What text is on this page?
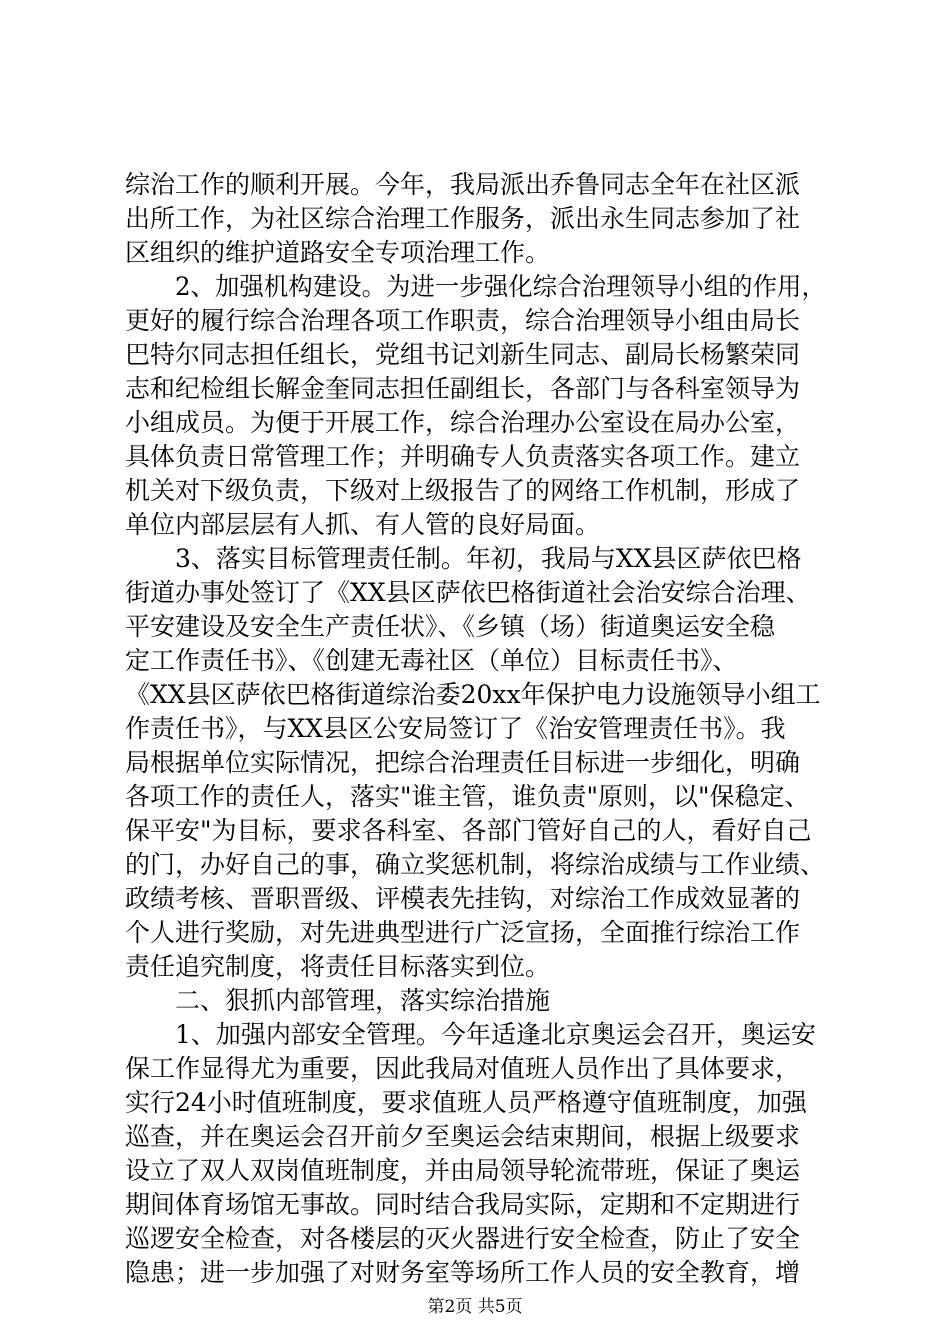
综治工作的顺利开展。今年，我局派出乔鲁同志全年在社区派
出所工作，为社区综合治理工作服务，派出永生同志参加了社
区组织的维护道路安全专项治理工作。
2、加强机构建设。为进一步强化综合治理领导小组的作用，
更好的履行综合治理各项工作职责，综合治理领导小组由局长
巴特尔同志担任组长，党组书记刘新生同志、副局长杨繁荣同
志和纪检组长解金奎同志担任副组长，各部门与各科室领导为
小组成员。为便于开展工作，综合治理办公室设在局办公室，
具体负责日常管理工作；并明确专人负责落实各项工作。建立
机关对下级负责，下级对上级报告了的网络工作机制，形成了
单位内部层层有人抓、有人管的良好局面。
3、落实目标管理责任制。年初，我局与XX县区萨依巴格
街道办事处签订了《XX县区萨依巴格街道社会治安综合治理、
平安建设及安全生产责任状》、《乡镇（场）街道奥运安全稳
定工作责任书》、《创建无毒社区（单位）目标责任书》、
《XX县区萨依巴格街道综治委20xx年保护电力设施领导小组工
作责任书》，与XX县区公安局签订了《治安管理责任书》。我
局根据单位实际情况，把综合治理责任目标进一步细化，明确
各项工作的责任人，落实"谁主管，谁负责"原则，以"保稳定、
保平安"为目标，要求各科室、各部门管好自己的人，看好自己
的门，办好自己的事，确立奖惩机制，将综治成绩与工作业绩、
政绩考核、晋职晋级、评模表先挂钩，对综治工作成效显著的
个人进行奖励，对先进典型进行广泛宣扬，全面推行综治工作
责任追究制度，将责任目标落实到位。
二、狠抓内部管理，落实综治措施
1、加强内部安全管理。今年适逢北京奥运会召开，奥运安
保工作显得尤为重要，因此我局对值班人员作出了具体要求，
实行24小时值班制度，要求值班人员严格遵守值班制度，加强
巡查，并在奥运会召开前夕至奥运会结束期间，根据上级要求
设立了双人双岗值班制度，并由局领导轮流带班，保证了奥运
期间体育场馆无事故。同时结合我局实际，定期和不定期进行
巡逻安全检查，对各楼层的灭火器进行安全检查，防止了安全
隐患；进一步加强了对财务室等场所工作人员的安全教育，增
第2页 共5页
